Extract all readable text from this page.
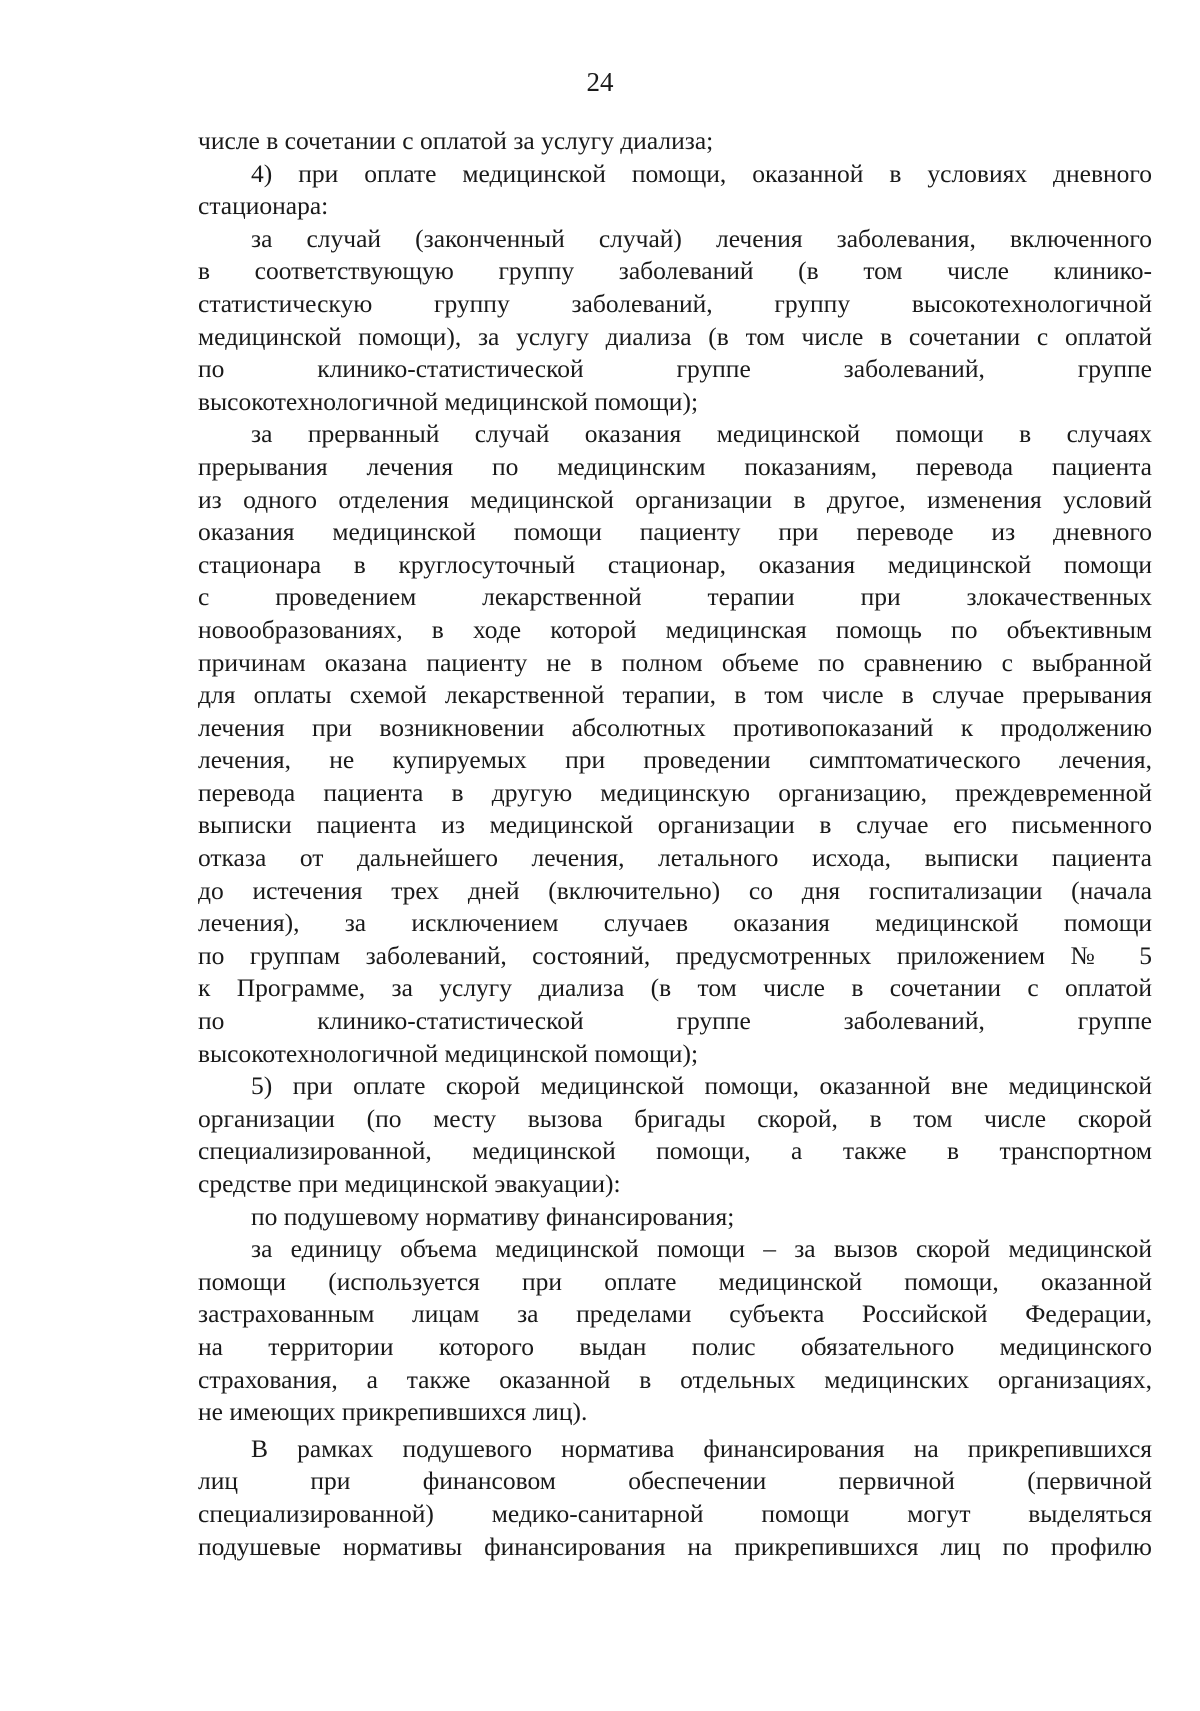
24
числе в сочетании с оплатой за услугу диализа;
4) при оплате медицинской помощи, оказанной в условиях дневного
стационара:
за случай (законченный случай) лечения заболевания, включенного
в соответствующую группу заболеваний (в том числе клинико-
статистическую группу заболеваний, группу высокотехнологичной
медицинской помощи), за услугу диализа (в том числе в сочетании с оплатой
по клинико-статистической группе заболеваний, группе
высокотехнологичной медицинской помощи);
за прерванный случай оказания медицинской помощи в случаях
прерывания лечения по медицинским показаниям, перевода пациента
из одного отделения медицинской организации в другое, изменения условий
оказания медицинской помощи пациенту при переводе из дневного
стационара в круглосуточный стационар, оказания медицинской помощи
с проведением лекарственной терапии при злокачественных
новообразованиях, в ходе которой медицинская помощь по объективным
причинам оказана пациенту не в полном объеме по сравнению с выбранной
для оплаты схемой лекарственной терапии, в том числе в случае прерывания
лечения при возникновении абсолютных противопоказаний к продолжению
лечения, не купируемых при проведении симптоматического лечения,
перевода пациента в другую медицинскую организацию, преждевременной
выписки пациента из медицинской организации в случае его письменного
отказа от дальнейшего лечения, летального исхода, выписки пациента
до истечения трех дней (включительно) со дня госпитализации (начала
лечения), за исключением случаев оказания медицинской помощи
по группам заболеваний, состояний, предусмотренных приложением № 5
к Программе, за услугу диализа (в том числе в сочетании с оплатой
по клинико-статистической группе заболеваний, группе
высокотехнологичной медицинской помощи);
5) при оплате скорой медицинской помощи, оказанной вне медицинской
организации (по месту вызова бригады скорой, в том числе скорой
специализированной, медицинской помощи, а также в транспортном
средстве при медицинской эвакуации):
по подушевому нормативу финансирования;
за единицу объема медицинской помощи – за вызов скорой медицинской
помощи (используется при оплате медицинской помощи, оказанной
застрахованным лицам за пределами субъекта Российской Федерации,
на территории которого выдан полис обязательного медицинского
страхования, а также оказанной в отдельных медицинских организациях,
не имеющих прикрепившихся лиц).
В рамках подушевого норматива финансирования на прикрепившихся
лиц при финансовом обеспечении первичной (первичной
специализированной) медико-санитарной помощи могут выделяться
подушевые нормативы финансирования на прикрепившихся лиц по профилю
